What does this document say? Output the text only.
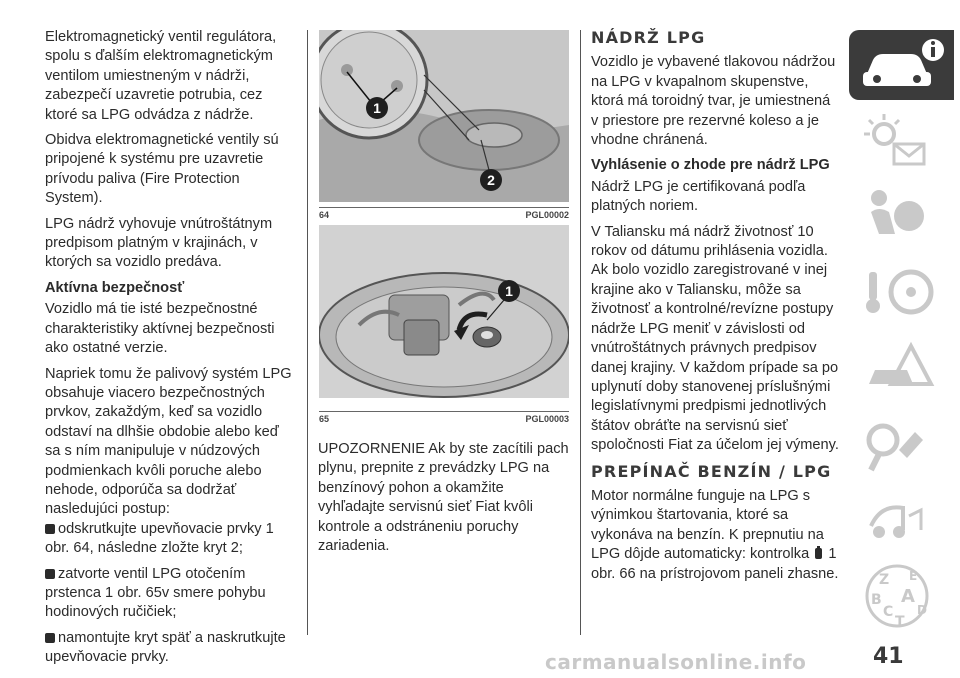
Elektromagnetický ventil regulátora, spolu s ďalším elektromagnetickým ventilom umiestneným v nádrži, zabezpečí uzavretie potrubia, cez ktoré sa LPG odvádza z nádrže.

Obidva elektromagnetické ventily sú pripojené k systému pre uzavretie prívodu paliva (Fire Protection System).

LPG nádrž vyhovuje vnútroštátnym predpisom platným v krajinách, v ktorých sa vozidlo predáva.

Aktívna bezpečnosť

Vozidlo má tie isté bezpečnostné charakteristiky aktívnej bezpečnosti ako ostatné verzie.

Napriek tomu že palivový systém LPG obsahuje viacero bezpečnostných prvkov, zakaždým, keď sa vozidlo odstaví na dlhšie obdobie alebo keď sa s ním manipuluje v núdzových podmienkach kvôli poruche alebo nehode, odporúča sa dodržať nasledujúci postup:

odskrutkujte upevňovacie prvky 1 obr. 64, následne zložte kryt 2;

zatvorte ventil LPG otočením prstenca 1 obr. 65v smere pohybu hodinových ručičiek;

namontujte kryt späť a naskrutkujte upevňovacie prvky.

1
2
64	PGL00002
1
65	PGL00003

UPOZORNENIE Ak by ste zacítili pach plynu, prepnite z prevádzky LPG na benzínový pohon a okamžite vyhľadajte servisnú sieť Fiat kvôli kontrole a odstráneniu poruchy zariadenia.

NÁDRŽ LPG

Vozidlo je vybavené tlakovou nádržou na LPG v kvapalnom skupenstve, ktorá má toroidný tvar, je umiestnená v priestore pre rezervné koleso a je vhodne chránená.

Vyhlásenie o zhode pre nádrž LPG

Nádrž LPG je certifikovaná podľa platných noriem.

V Taliansku má nádrž životnosť 10 rokov od dátumu prihlásenia vozidla. Ak bolo vozidlo zaregistrované v inej krajine ako v Taliansku, môže sa životnosť a kontrolné/revízne postupy nádrže LPG meniť v závislosti od vnútroštátnych právnych predpisov danej krajiny. V každom prípade sa po uplynutí doby stanovenej príslušnými legislatívnymi predpismi jednotlivých štátov obráťte na servisnú sieť spoločnosti Fiat za účelom jej výmeny.

PREPÍNAČ BENZÍN / LPG

Motor normálne funguje na LPG s výnimkou štartovania, ktoré sa vykonáva na benzín. K prepnutiu na LPG dôjde automaticky: kontrolka 1 obr. 66 na prístrojovom paneli zhasne.	Z E
B A
C D
T
carmanualsonline.info	41
